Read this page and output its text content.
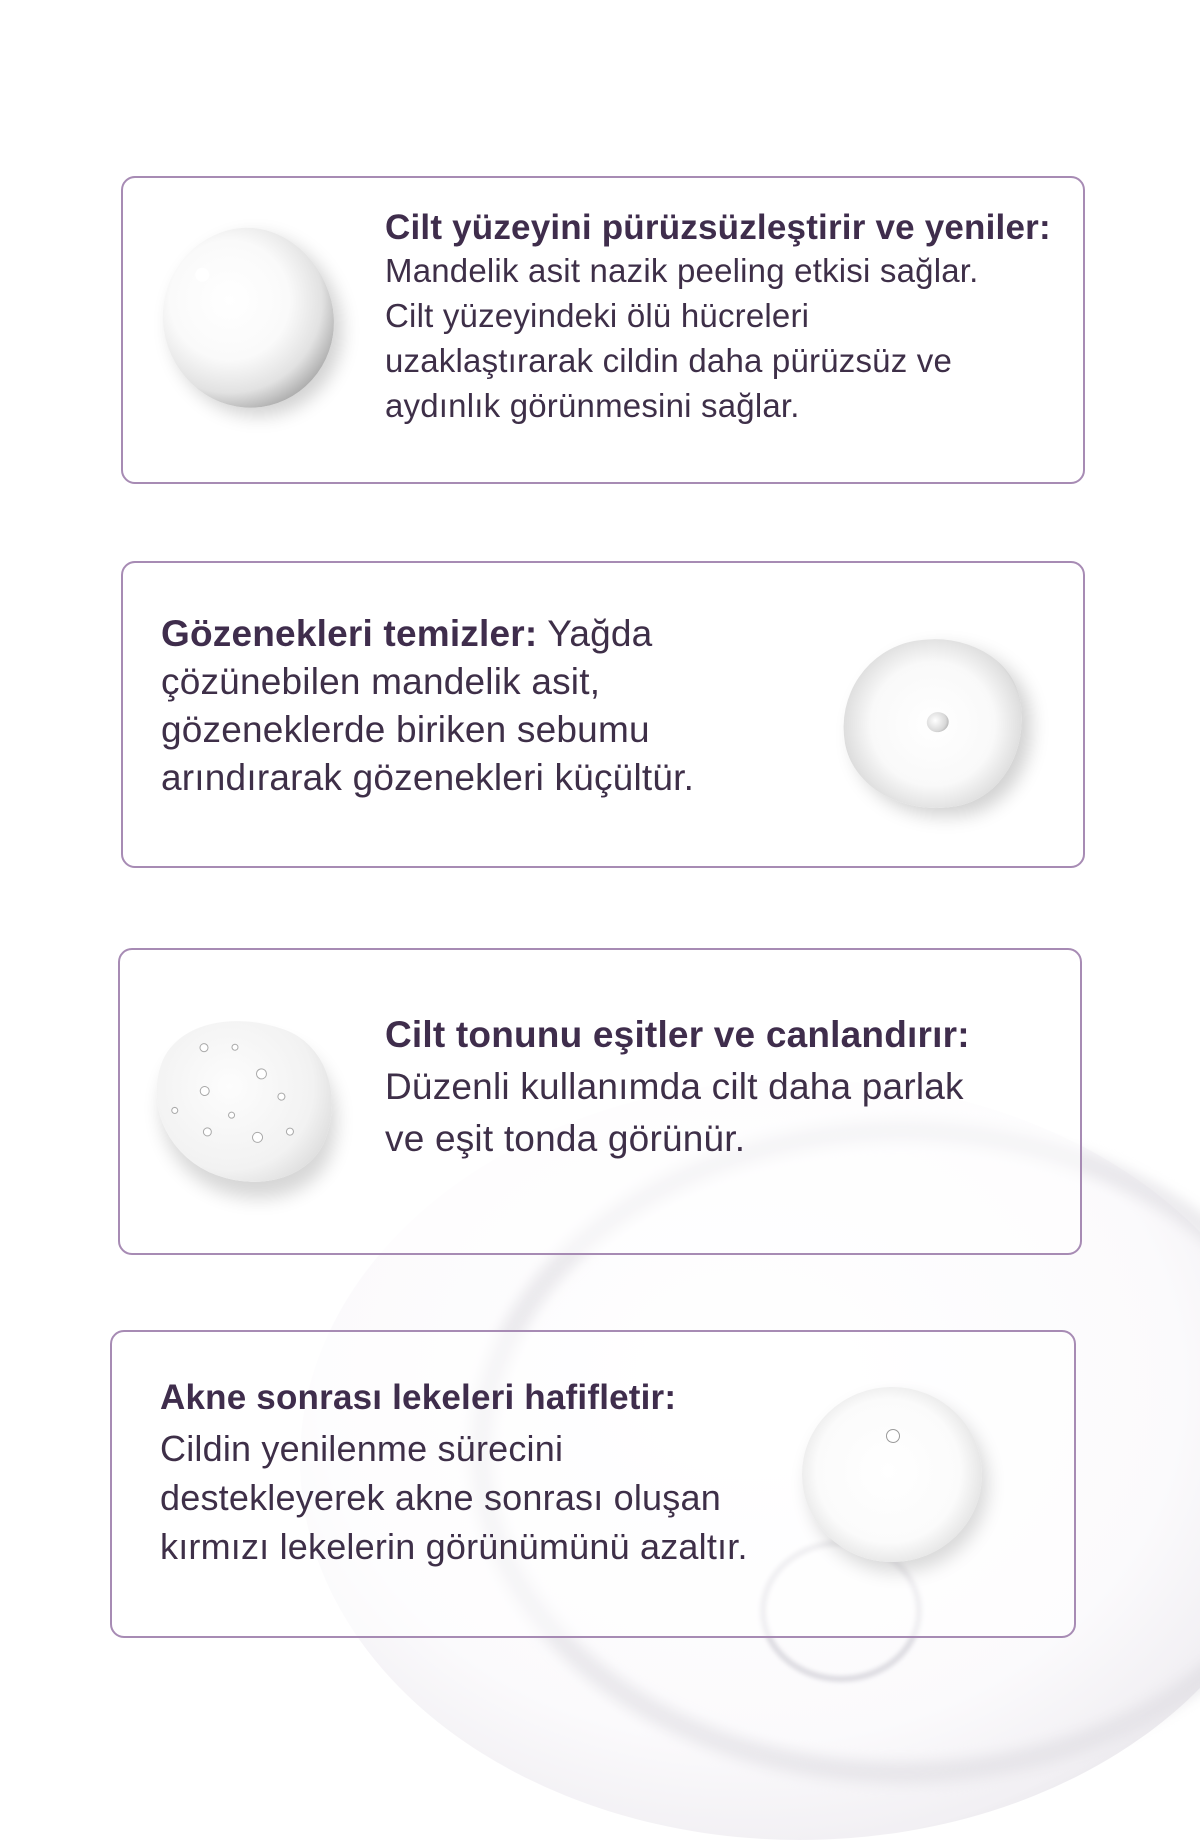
Cilt yüzeyini pürüzsüzleştirir ve yeniler:

Mandelik asit nazik peeling etkisi sağlar.

Cilt yüzeyindeki ölü hücreleri

uzaklaştırarak cildin daha pürüzsüz ve

aydınlık görünmesini sağlar.

Gözenekleri temizler: Yağda

çözünebilen mandelik asit,

gözeneklerde biriken sebumu

arındırarak gözenekleri küçültür.

Cilt tonunu eşitler ve canlandırır:

Düzenli kullanımda cilt daha parlak

ve eşit tonda görünür.

Akne sonrası lekeleri hafifletir:

Cildin yenilenme sürecini

destekleyerek akne sonrası oluşan

kırmızı lekelerin görünümünü azaltır.
